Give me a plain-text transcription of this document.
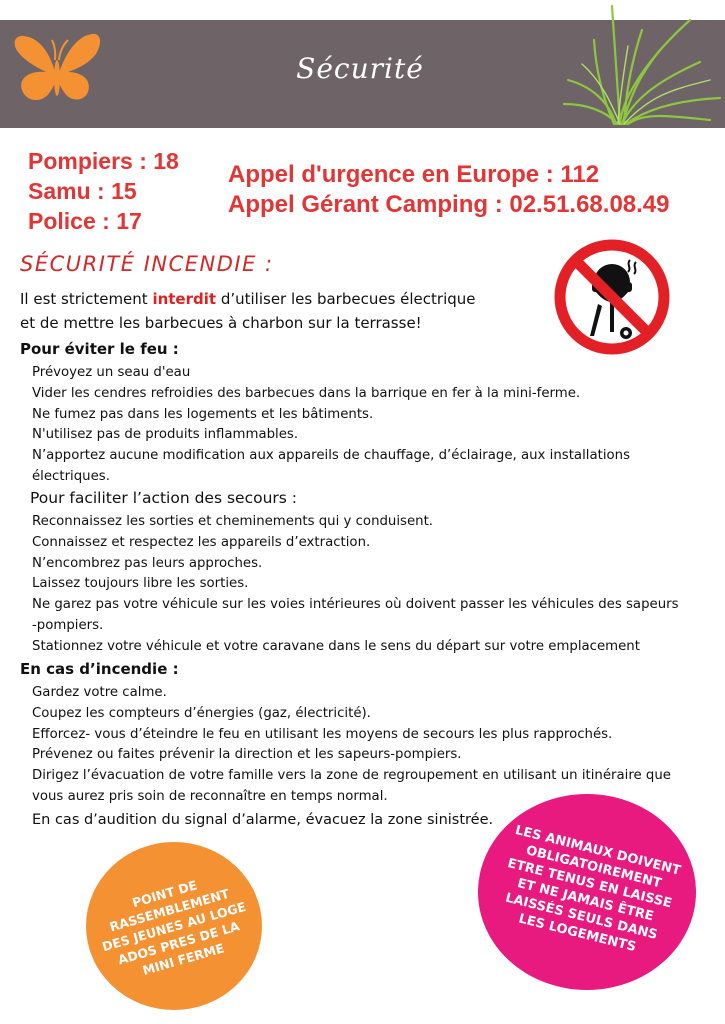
Sécurité
Pompiers : 18
Samu : 15
Police : 17
Appel d'urgence en Europe : 112
Appel Gérant Camping : 02.51.68.08.49
SÉCURITÉ INCENDIE :
Il est strictement interdit d’utiliser les barbecues électrique
et de mettre les barbecues à charbon sur la terrasse!
Pour éviter le feu :
Prévoyez un seau d'eau
Vider les cendres refroidies des barbecues dans la barrique en fer à la mini-ferme.
Ne fumez pas dans les logements et les bâtiments.
N'utilisez pas de produits inflammables.
N’apportez aucune modification aux appareils de chauffage, d’éclairage, aux installations
électriques.
Pour faciliter l’action des secours :
Reconnaissez les sorties et cheminements qui y conduisent.
Connaissez et respectez les appareils d’extraction.
N’encombrez pas leurs approches.
Laissez toujours libre les sorties.
Ne garez pas votre véhicule sur les voies intérieures où doivent passer les véhicules des sapeurs
-pompiers.
Stationnez votre véhicule et votre caravane dans le sens du départ sur votre emplacement
En cas d’incendie :
Gardez votre calme.
Coupez les compteurs d’énergies (gaz, électricité).
Efforcez- vous d’éteindre le feu en utilisant les moyens de secours les plus rapprochés.
Prévenez ou faites prévenir la direction et les sapeurs-pompiers.
Dirigez l’évacuation de votre famille vers la zone de regroupement en utilisant un itinéraire que
vous aurez pris soin de reconnaître en temps normal.
En cas d’audition du signal d’alarme, évacuez la zone sinistrée.
POINT DE RASSEMBLEMENT DES JEUNES AU LOGE ADOS PRES DE LA MINI FERME
LES ANIMAUX DOIVENT OBLIGATOIREMENT ETRE TENUS EN LAISSE ET NE JAMAIS ÊTRE LAISSÉS SEULS DANS LES LOGEMENTS
